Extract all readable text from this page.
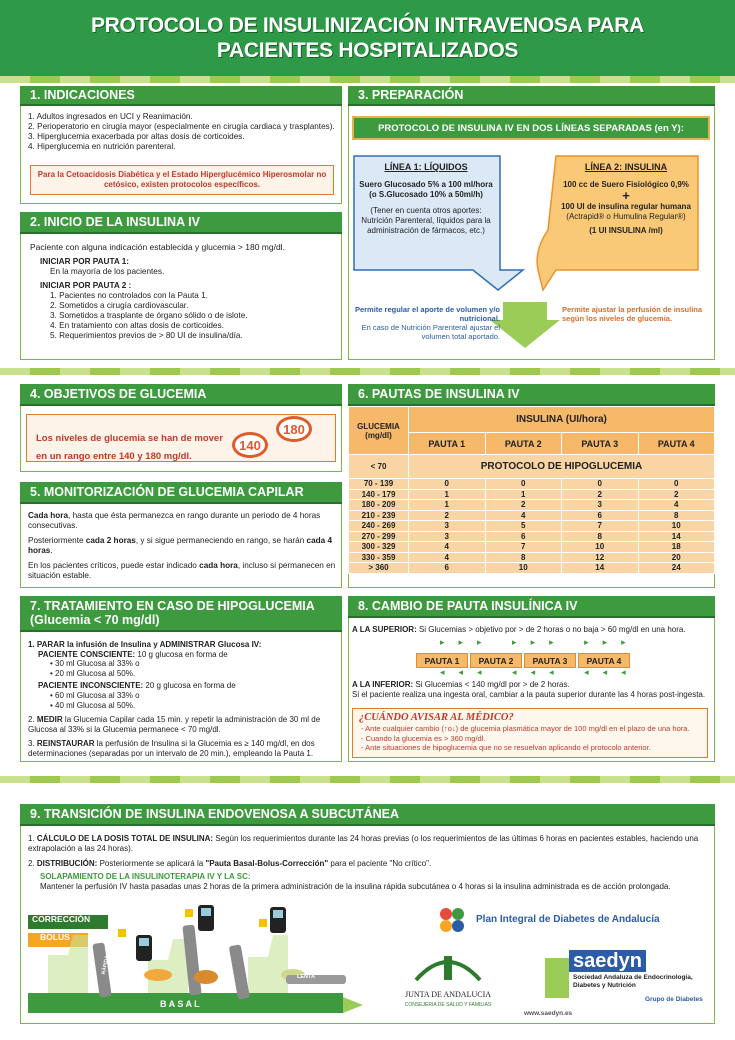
PROTOCOLO DE INSULINIZACIÓN INTRAVENOSA PARA PACIENTES HOSPITALIZADOS
1. INDICACIONES
1. Adultos ingresados en UCI y Reanimación.
2. Perioperatorio en cirugía mayor (especialmente en cirugía cardiaca y trasplantes).
3. Hiperglucemia exacerbada por altas dosis de corticoides.
4. Hiperglucemia en nutrición parenteral.
Para la Cetoacidosis Diabética y el Estado Hiperglucémico Hiperosmolar no cetósico, existen protocolos específicos.
2. INICIO DE LA INSULINA IV
Paciente con alguna indicación establecida y glucemia > 180 mg/dl.
INICIAR POR PAUTA 1:
En la mayoría de los pacientes.
INICIAR POR PAUTA 2 :
1. Pacientes no controlados con la Pauta 1.
2. Sometidos a cirugía cardiovascular.
3. Sometidos a trasplante de órgano sólido o de islote.
4. En tratamiento con altas dosis de corticoides.
5. Requerimientos previos de > 80 UI de insulina/día.
3. PREPARACIÓN
PROTOCOLO DE INSULINA IV EN DOS LÍNEAS SEPARADAS (en Y):
LÍNEA 1: LÍQUIDOS
Suero Glucosado 5% a 100 ml/hora
(o S.Glucosado 10% a 50ml/h)
(Tener en cuenta otros aportes: Nutrición Parenteral, líquidos para la administración de fármacos, etc.)
LÍNEA 2: INSULINA
100 cc de Suero Fisiológico 0,9%
+
100 UI de insulina regular humana
(Actrapid® o Humulina Regular®)
(1 UI INSULINA /ml)
Permite regular el aporte de volumen y/o nutricional.
En caso de Nutrición Parenteral ajustar el volumen total aportado.
Permite ajustar la perfusión de insulina según los niveles de glucemia.
4. OBJETIVOS DE GLUCEMIA
Los niveles de glucemia se han de mover
en un rango entre 140 y 180 mg/dl.
140
180
5. MONITORIZACIÓN DE GLUCEMIA CAPILAR

Cada hora, hasta que ésta permanezca en rango durante un periodo de 4 horas consecutivas.

Posteriormente cada 2 horas, y si sigue permaneciendo en rango, se harán cada 4 horas.

En los pacientes críticos, puede estar indicado cada hora, incluso si permanecen en situación estable.

6. PAUTAS DE INSULINA IV
GLUCEMIA
(mg/dl)	INSULINA (UI/hora)			
	PAUTA 1	PAUTA 2	PAUTA 3	PAUTA 4
< 70	PROTOCOLO DE HIPOGLUCEMIA			
70 - 139	0	0	0	0
140 - 179	1	1	2	2
180 - 209	1	2	3	4
210 - 239	2	4	6	8
240 - 269	3	5	7	10
270 - 299	3	6	8	14
300 - 329	4	7	10	18
330 - 359	4	8	12	20
> 360	6	10	14	24
7. TRATAMIENTO EN CASO DE HIPOGLUCEMIA
(Glucemia < 70 mg/dl)
1. PARAR la infusión de Insulina y ADMINISTRAR Glucosa IV:
PACIENTE CONSCIENTE: 10 g glucosa en forma de
• 30 ml Glucosa al 33% o
• 20 ml Glucosa al 50%.
PACIENTE INCONSCIENTE: 20 g glucosa en forma de
• 60 ml Glucosa al 33% o
• 40 ml Glucosa al 50%.
2. MEDIR la Glucemia Capilar cada 15 min. y repetir la administración de 30 ml de Glucosa al 33% si la Glucemia permanece < 70 mg/dl.
3. REINSTAURAR la perfusión de Insulina si la Glucemia es ≥ 140 mg/dl, en dos determinaciones (separadas por un intervalo de 20 min.), empleando la Pauta 1.
8. CAMBIO DE PAUTA INSULÍNICA IV
A LA SUPERIOR: Si Glucemias > objetivo por > de 2 horas o no baja > 60 mg/dl en una hora.
▸▸▸ ▸▸▸ ▸▸▸
PAUTA 1 PAUTA 2 PAUTA 3 PAUTA 4
◂◂◂ ◂◂◂ ◂◂◂
A LA INFERIOR: Si Glucemias < 140 mg/dl por > de 2 horas.
Si el paciente realiza una ingesta oral, cambiar a la pauta superior durante las 4 horas post-ingesta.
¿CUÁNDO AVISAR AL MÉDICO?
- Ante cualquier cambio (↑o↓) de glucemia plasmática mayor de 100 mg/dl en el plazo de una hora.
- Cuando la glucemia es > 360 mg/dl.
- Ante situaciones de hipoglucemia que no se resuelvan aplicando el protocolo anterior.
9. TRANSICIÓN DE INSULINA ENDOVENOSA A SUBCUTÁNEA
1. CÁLCULO DE LA DOSIS TOTAL DE INSULINA: Según los requerimientos durante las 24 horas previas (o los requerimientos de las últimas 6 horas en pacientes estables, haciendo una extrapolación a las 24 horas).
2. DISTRIBUCIÓN: Posteriormente se aplicará la "Pauta Basal-Bolus-Corrección" para el paciente "No crítico".
SOLAPAMIENTO DE LA INSULINOTERAPIA IV Y LA SC:
Mantener la perfusión IV hasta pasadas unas 2 horas de la primera administración de la insulina rápida subcutánea o 4 horas si la insulina administrada es de acción prolongada.
CORRECCIÓN
BOLUS
B A S A L
RÁPIDA
LENTA
Plan Integral de Diabetes de Andalucía
JUNTA DE ANDALUCIA
CONSEJERIA DE SALUD Y FAMILIAS
saedyn
Sociedad Andaluza de Endocrinología, Diabetes y Nutrición
Grupo de Diabetes
www.saedyn.es
